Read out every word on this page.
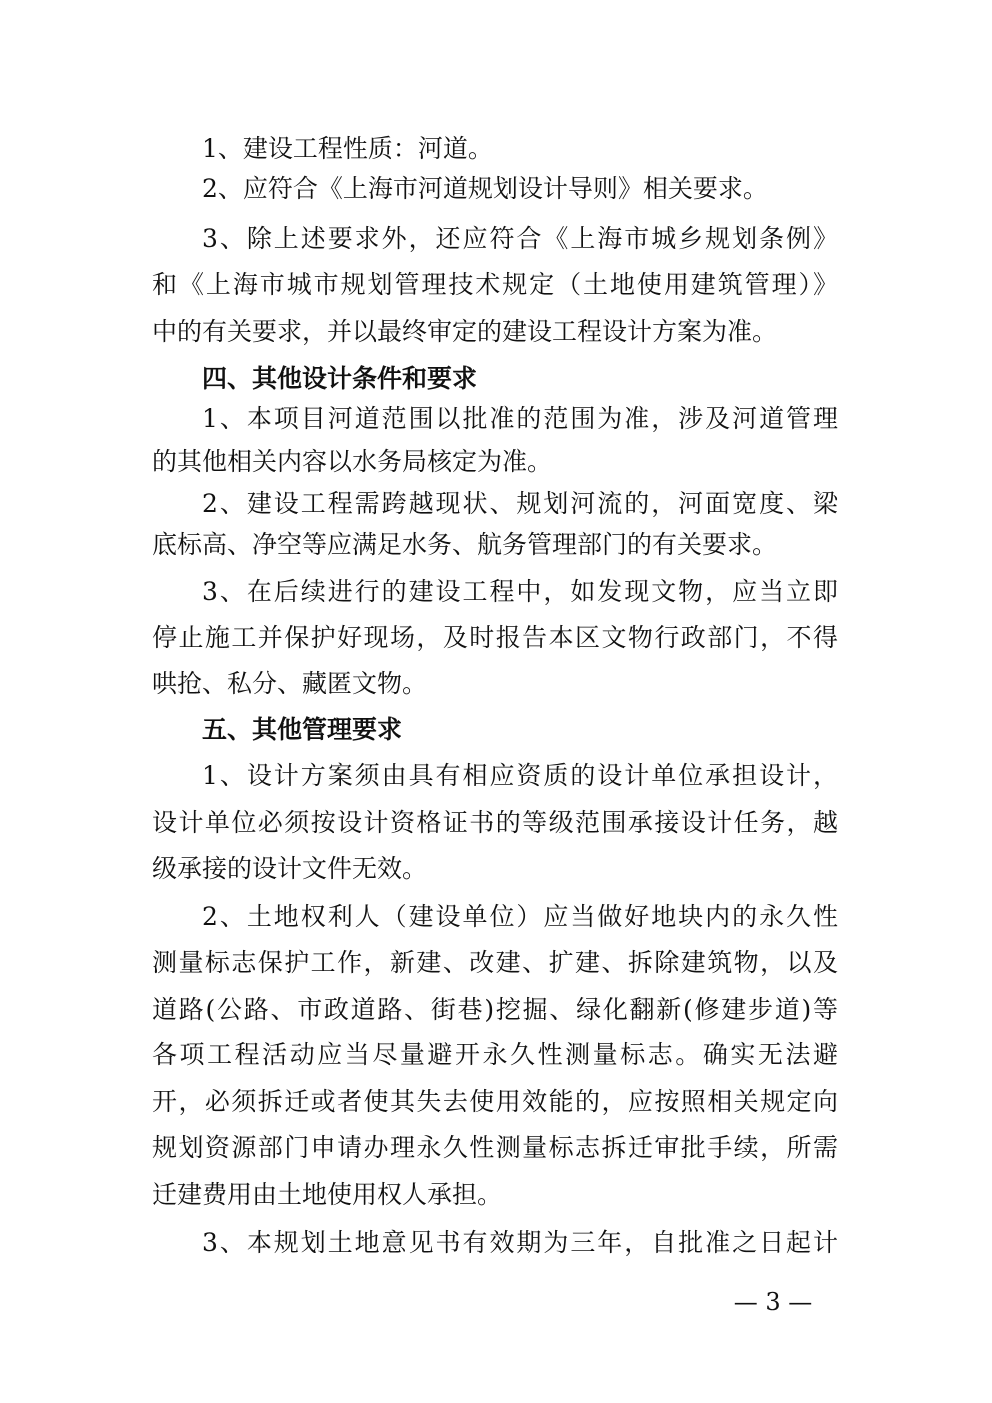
1、建设工程性质：河道。
2、应符合《上海市河道规划设计导则》相关要求。
3、除上述要求外，还应符合《上海市城乡规划条例》
和《上海市城市规划管理技术规定（土地使用建筑管理）》
中的有关要求，并以最终审定的建设工程设计方案为准。
四、其他设计条件和要求
1、本项目河道范围以批准的范围为准，涉及河道管理
的其他相关内容以水务局核定为准。
2、建设工程需跨越现状、规划河流的，河面宽度、梁
底标高、净空等应满足水务、航务管理部门的有关要求。
3、在后续进行的建设工程中，如发现文物，应当立即
停止施工并保护好现场，及时报告本区文物行政部门，不得
哄抢、私分、藏匿文物。
五、其他管理要求
1、设计方案须由具有相应资质的设计单位承担设计，
设计单位必须按设计资格证书的等级范围承接设计任务，越
级承接的设计文件无效。
2、土地权利人（建设单位）应当做好地块内的永久性
测量标志保护工作，新建、改建、扩建、拆除建筑物，以及
道路(公路、市政道路、街巷)挖掘、绿化翻新(修建步道)等
各项工程活动应当尽量避开永久性测量标志。确实无法避
开，必须拆迁或者使其失去使用效能的，应按照相关规定向
规划资源部门申请办理永久性测量标志拆迁审批手续，所需
迁建费用由土地使用权人承担。
3、本规划土地意见书有效期为三年，自批准之日起计
— 3 —
